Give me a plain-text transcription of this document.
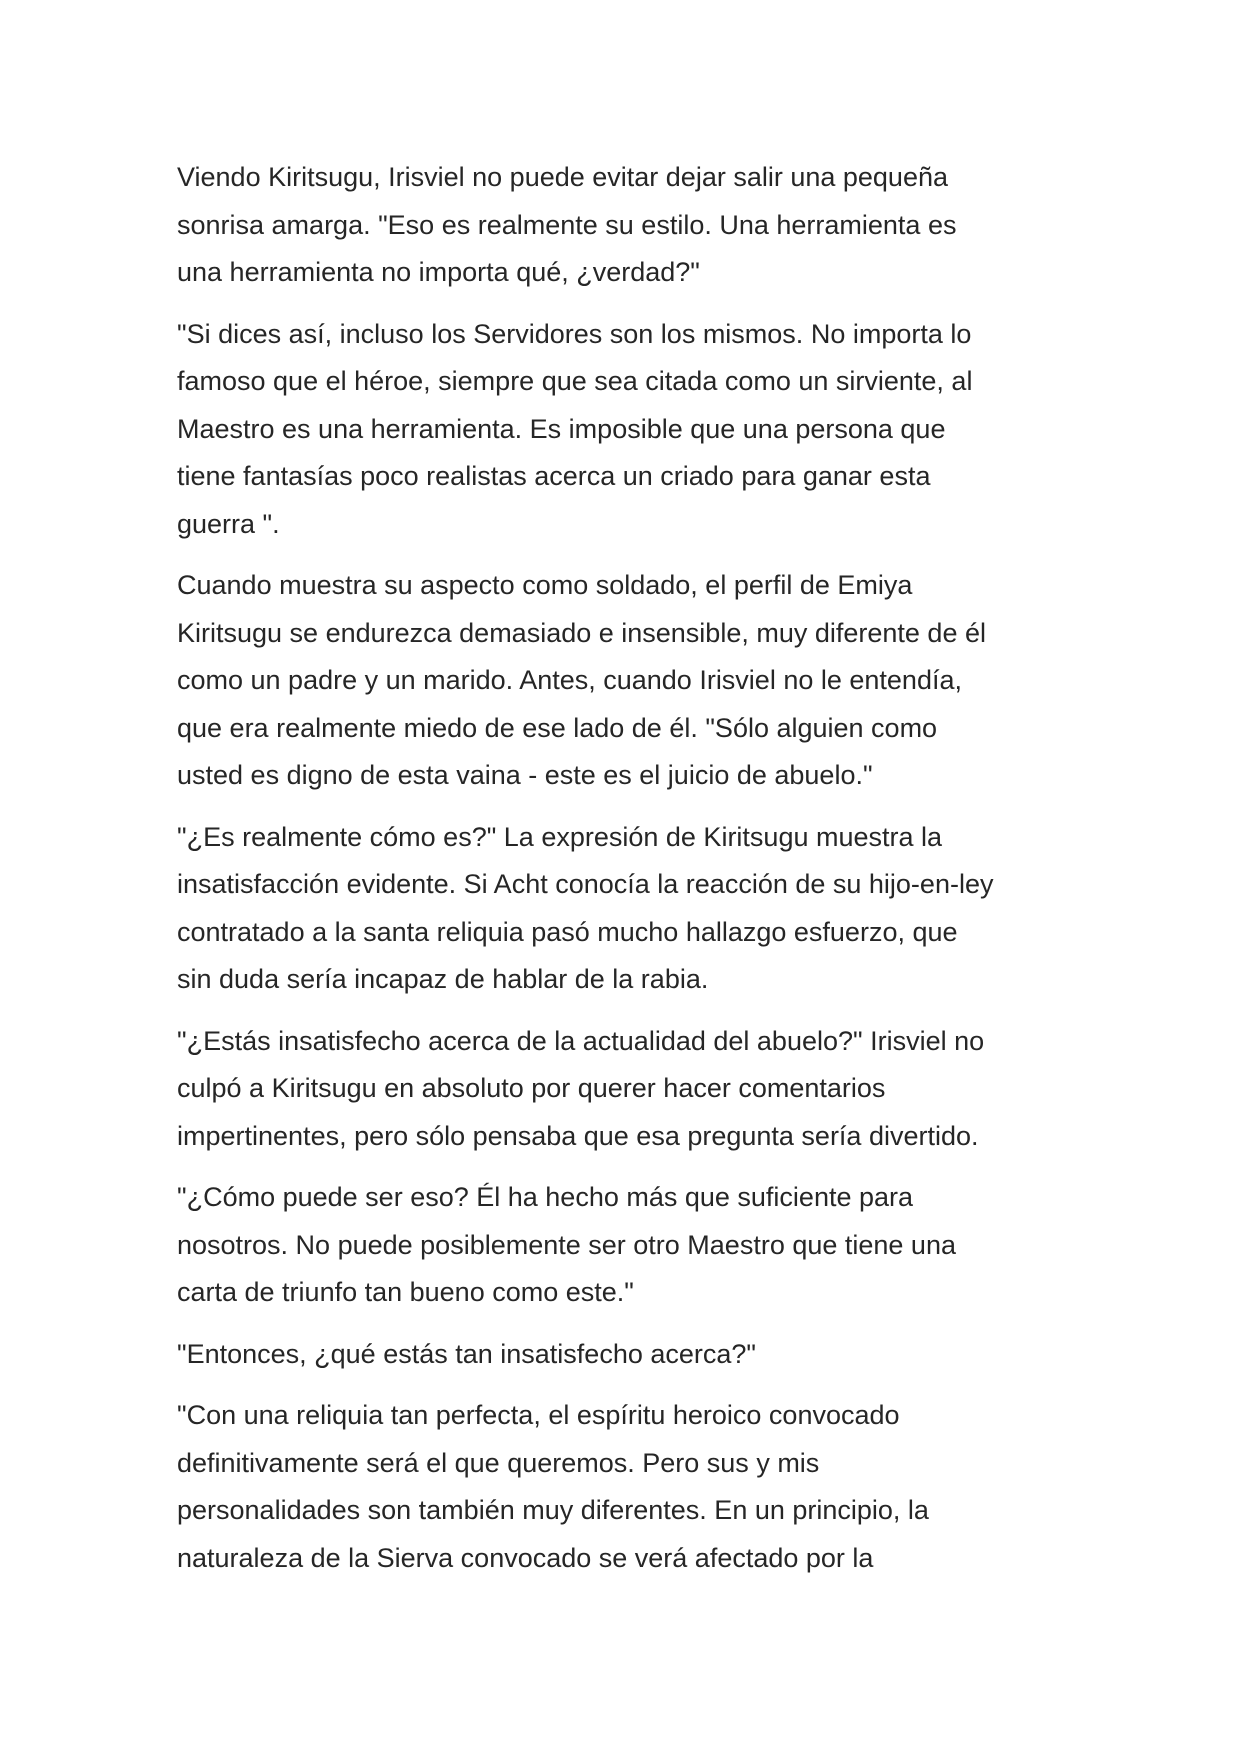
Viendo Kiritsugu, Irisviel no puede evitar dejar salir una pequeña
sonrisa amarga. "Eso es realmente su estilo. Una herramienta es
una herramienta no importa qué, ¿verdad?"

"Si dices así, incluso los Servidores son los mismos. No importa lo
famoso que el héroe, siempre que sea citada como un sirviente, al
Maestro es una herramienta. Es imposible que una persona que
tiene fantasías poco realistas acerca un criado para ganar esta
guerra ".

Cuando muestra su aspecto como soldado, el perfil de Emiya
Kiritsugu se endurezca demasiado e insensible, muy diferente de él
como un padre y un marido. Antes, cuando Irisviel no le entendía,
que era realmente miedo de ese lado de él. "Sólo alguien como
usted es digno de esta vaina - este es el juicio de abuelo."

"¿Es realmente cómo es?" La expresión de Kiritsugu muestra la
insatisfacción evidente. Si Acht conocía la reacción de su hijo-en-ley
contratado a la santa reliquia pasó mucho hallazgo esfuerzo, que
sin duda sería incapaz de hablar de la rabia.

"¿Estás insatisfecho acerca de la actualidad del abuelo?" Irisviel no
culpó a Kiritsugu en absoluto por querer hacer comentarios
impertinentes, pero sólo pensaba que esa pregunta sería divertido.

"¿Cómo puede ser eso? Él ha hecho más que suficiente para
nosotros. No puede posiblemente ser otro Maestro que tiene una
carta de triunfo tan bueno como este."

"Entonces, ¿qué estás tan insatisfecho acerca?"

"Con una reliquia tan perfecta, el espíritu heroico convocado
definitivamente será el que queremos. Pero sus y mis
personalidades son también muy diferentes. En un principio, la
naturaleza de la Sierva convocado se verá afectado por la
